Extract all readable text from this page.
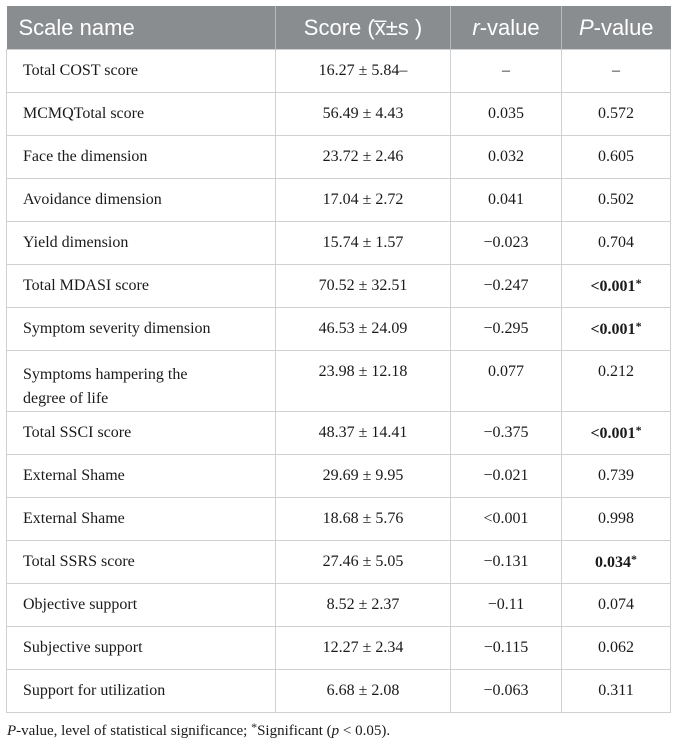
Scale name	Score (x̅±s )	r-value	P-value
Total COST score	16.27 ± 5.84–	–	–
MCMQTotal score	56.49 ± 4.43	0.035	0.572
Face the dimension	23.72 ± 2.46	0.032	0.605
Avoidance dimension	17.04 ± 2.72	0.041	0.502
Yield dimension	15.74 ± 1.57	−0.023	0.704
Total MDASI score	70.52 ± 32.51	−0.247	<0.001*
Symptom severity dimension	46.53 ± 24.09	−0.295	<0.001*
Symptoms hampering the
degree of life	23.98 ± 12.18	0.077	0.212
Total SSCI score	48.37 ± 14.41	−0.375	<0.001*
External Shame	29.69 ± 9.95	−0.021	0.739
External Shame	18.68 ± 5.76	<0.001	0.998
Total SSRS score	27.46 ± 5.05	−0.131	0.034*
Objective support	8.52 ± 2.37	−0.11	0.074
Subjective support	12.27 ± 2.34	−0.115	0.062
Support for utilization	6.68 ± 2.08	−0.063	0.311
P-value, level of statistical significance; *Significant (p < 0.05).
